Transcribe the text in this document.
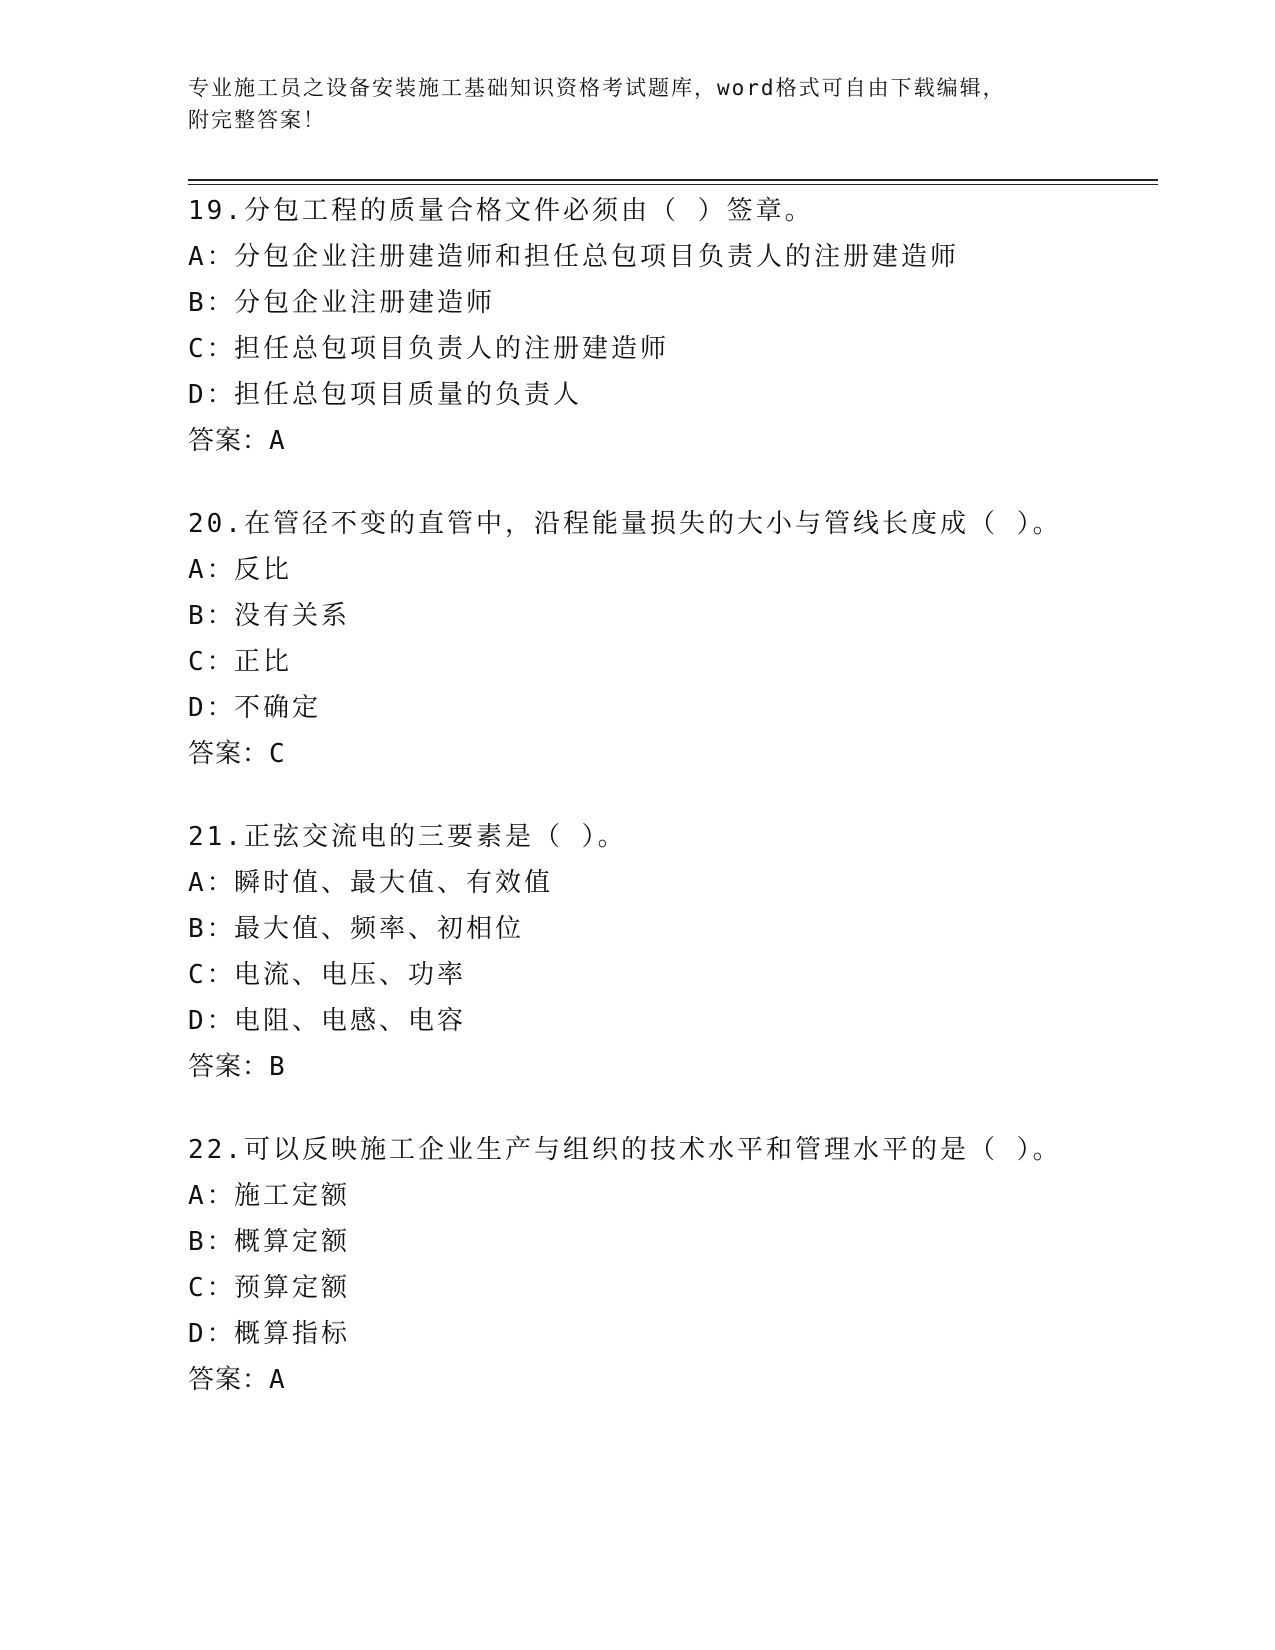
专业施工员之设备安装施工基础知识资格考试题库，word格式可自由下载编辑，
附完整答案！
19.分包工程的质量合格文件必须由（ ）签章。
A：分包企业注册建造师和担任总包项目负责人的注册建造师
B：分包企业注册建造师
C：担任总包项目负责人的注册建造师
D：担任总包项目质量的负责人
答案：A
20.在管径不变的直管中，沿程能量损失的大小与管线长度成（ ）。
A：反比
B：没有关系
C：正比
D：不确定
答案：C
21.正弦交流电的三要素是（ ）。
A：瞬时值、最大值、有效值
B：最大值、频率、初相位
C：电流、电压、功率
D：电阻、电感、电容
答案：B
22.可以反映施工企业生产与组织的技术水平和管理水平的是（ ）。
A：施工定额
B：概算定额
C：预算定额
D：概算指标
答案：A
